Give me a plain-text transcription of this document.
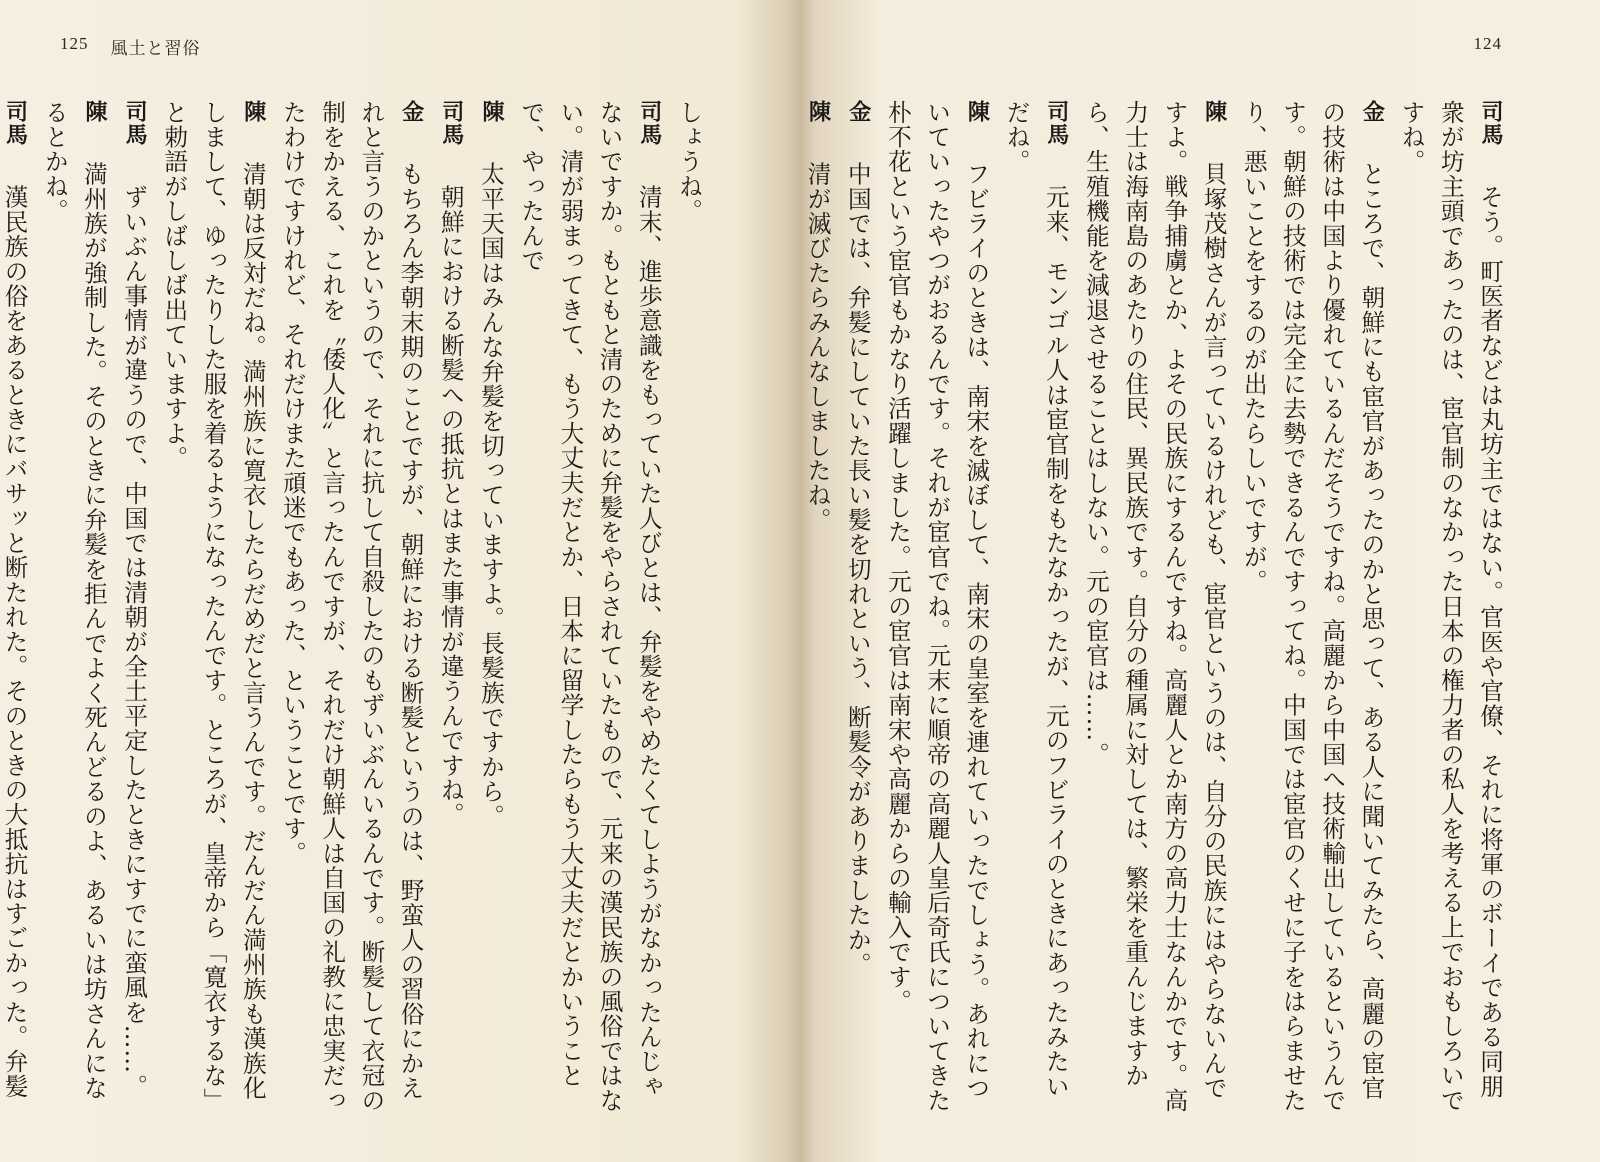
125 風土と習俗
しょうね。
司馬　清末、進歩意識をもっていた人びとは、弁髪をやめたくてしようがなかったんじゃないですか。もともと清のために弁髪をやらされていたもので、元来の漢民族の風俗ではない。清が弱まってきて、もう大丈夫だとか、日本に留学したらもう大丈夫だとかいうことで、やったんで
陳　太平天国はみんな弁髪を切っていますよ。長髪族ですから。
司馬　朝鮮における断髪への抵抗とはまた事情が違うんですね。
金　もちろん李朝末期のことですが、朝鮮における断髪というのは、野蛮人の習俗にかえれと言うのかというので、それに抗して自殺したのもずいぶんいるんです。断髪して衣冠の制をかえる、これを〝倭人化〟と言ったんですが、それだけ朝鮮人は自国の礼教に忠実だったわけですけれど、それだけまた頑迷でもあった、ということです。
陳　清朝は反対だね。満州族に寛衣したらだめだと言うんです。だんだん満州族も漢族化しまして、ゆったりした服を着るようになったんです。ところが、皇帝から「寛衣するな」と勅語がしばしば出ていますよ。
司馬　ずいぶん事情が違うので、中国では清朝が全土平定したときにすでに蛮風を……。
陳　満州族が強制した。そのときに弁髪を拒んでよく死んどるのよ、あるいは坊さんになるとかね。
司馬　漢民族の俗をあるときにバサッと断たれた。そのときの大抵抗はすごかった。弁髪
124
司馬　そう。町医者などは丸坊主ではない。官医や官僚、それに将軍のボーイである同朋衆が坊主頭であったのは、宦官制のなかった日本の権力者の私人を考える上でおもしろいですね。
金　ところで、朝鮮にも宦官があったのかと思って、ある人に聞いてみたら、高麗の宦官の技術は中国より優れているんだそうですね。高麗から中国へ技術輸出しているというんです。朝鮮の技術では完全に去勢できるんですってね。中国では宦官のくせに子をはらませたり、悪いことをするのが出たらしいですが。
陳　貝塚茂樹さんが言っているけれども、宦官というのは、自分の民族にはやらないんですよ。戦争捕虜とか、よその民族にするんですね。高麗人とか南方の高力士なんかです。高力士は海南島のあたりの住民、異民族です。自分の種属に対しては、繁栄を重んじますから、生殖機能を減退させることはしない。元の宦官は……。
司馬　元来、モンゴル人は宦官制をもたなかったが、元のフビライのときにあったみたいだね。
陳　フビライのときは、南宋を滅ぼして、南宋の皇室を連れていったでしょう。あれについていったやつがおるんです。それが宦官でね。元末に順帝の高麗人皇后奇氏についてきた朴不花という宦官もかなり活躍しました。元の宦官は南宋や高麗からの輸入です。
金　中国では、弁髪にしていた長い髪を切れという、断髪令がありましたか。
陳　清が滅びたらみんなしましたね。
